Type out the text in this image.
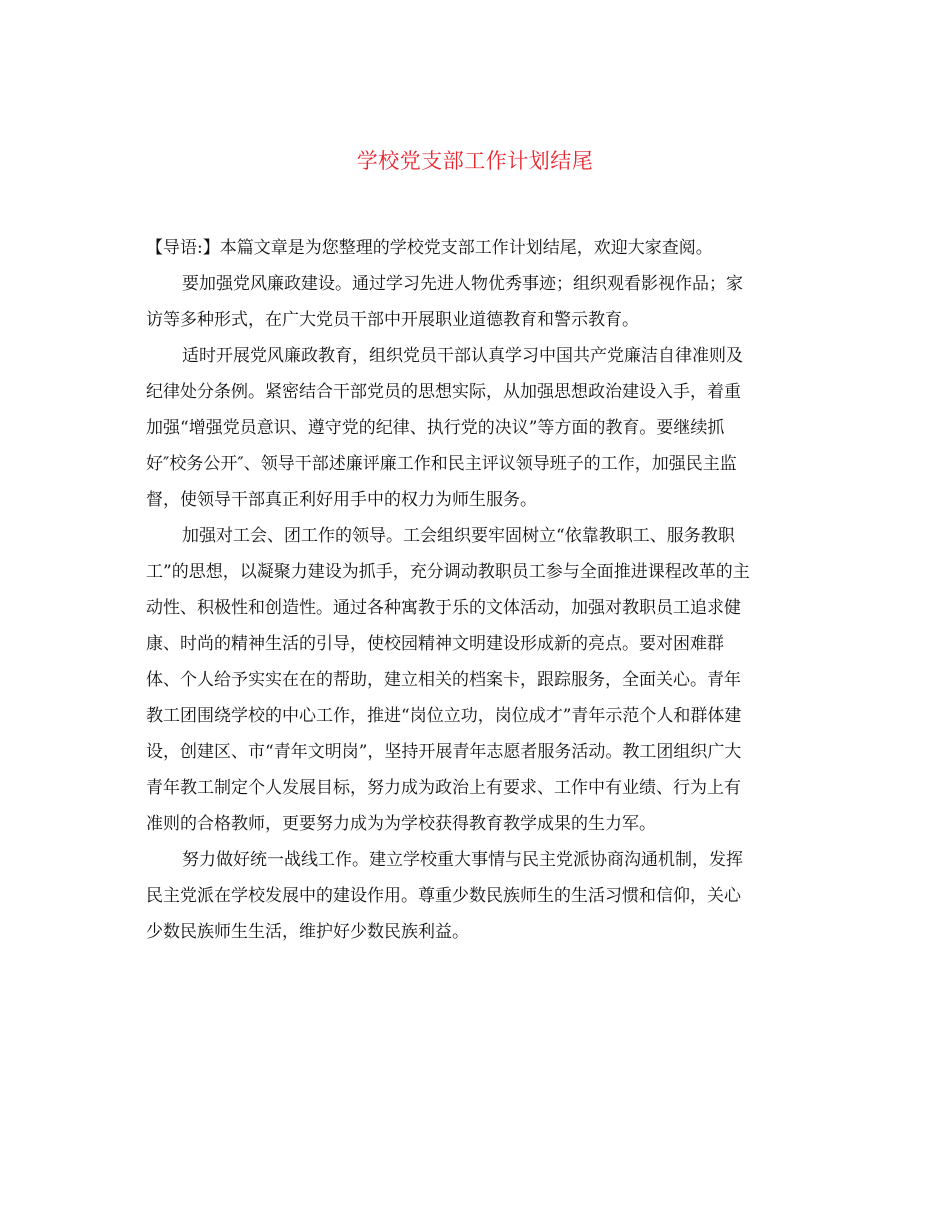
学校党支部工作计划结尾
【导语:】本篇文章是为您整理的学校党支部工作计划结尾，欢迎大家查阅。
要加强党风廉政建设。通过学习先进人物优秀事迹；组织观看影视作品；家
访等多种形式，在广大党员干部中开展职业道德教育和警示教育。
适时开展党风廉政教育，组织党员干部认真学习中国共产党廉洁自律准则及
纪律处分条例。紧密结合干部党员的思想实际，从加强思想政治建设入手，着重
加强“增强党员意识、遵守党的纪律、执行党的决议”等方面的教育。要继续抓
好″校务公开″、领导干部述廉评廉工作和民主评议领导班子的工作，加强民主监
督，使领导干部真正利好用手中的权力为师生服务。
加强对工会、团工作的领导。工会组织要牢固树立“依靠教职工、服务教职
工”的思想，以凝聚力建设为抓手，充分调动教职员工参与全面推进课程改革的主
动性、积极性和创造性。通过各种寓教于乐的文体活动，加强对教职员工追求健
康、时尚的精神生活的引导，使校园精神文明建设形成新的亮点。要对困难群
体、个人给予实实在在的帮助，建立相关的档案卡，跟踪服务，全面关心。青年
教工团围绕学校的中心工作，推进“岗位立功，岗位成才”青年示范个人和群体建
设，创建区、市“青年文明岗”，坚持开展青年志愿者服务活动。教工团组织广大
青年教工制定个人发展目标，努力成为政治上有要求、工作中有业绩、行为上有
准则的合格教师，更要努力成为为学校获得教育教学成果的生力军。
努力做好统一战线工作。建立学校重大事情与民主党派协商沟通机制，发挥
民主党派在学校发展中的建设作用。尊重少数民族师生的生活习惯和信仰，关心
少数民族师生生活，维护好少数民族利益。
